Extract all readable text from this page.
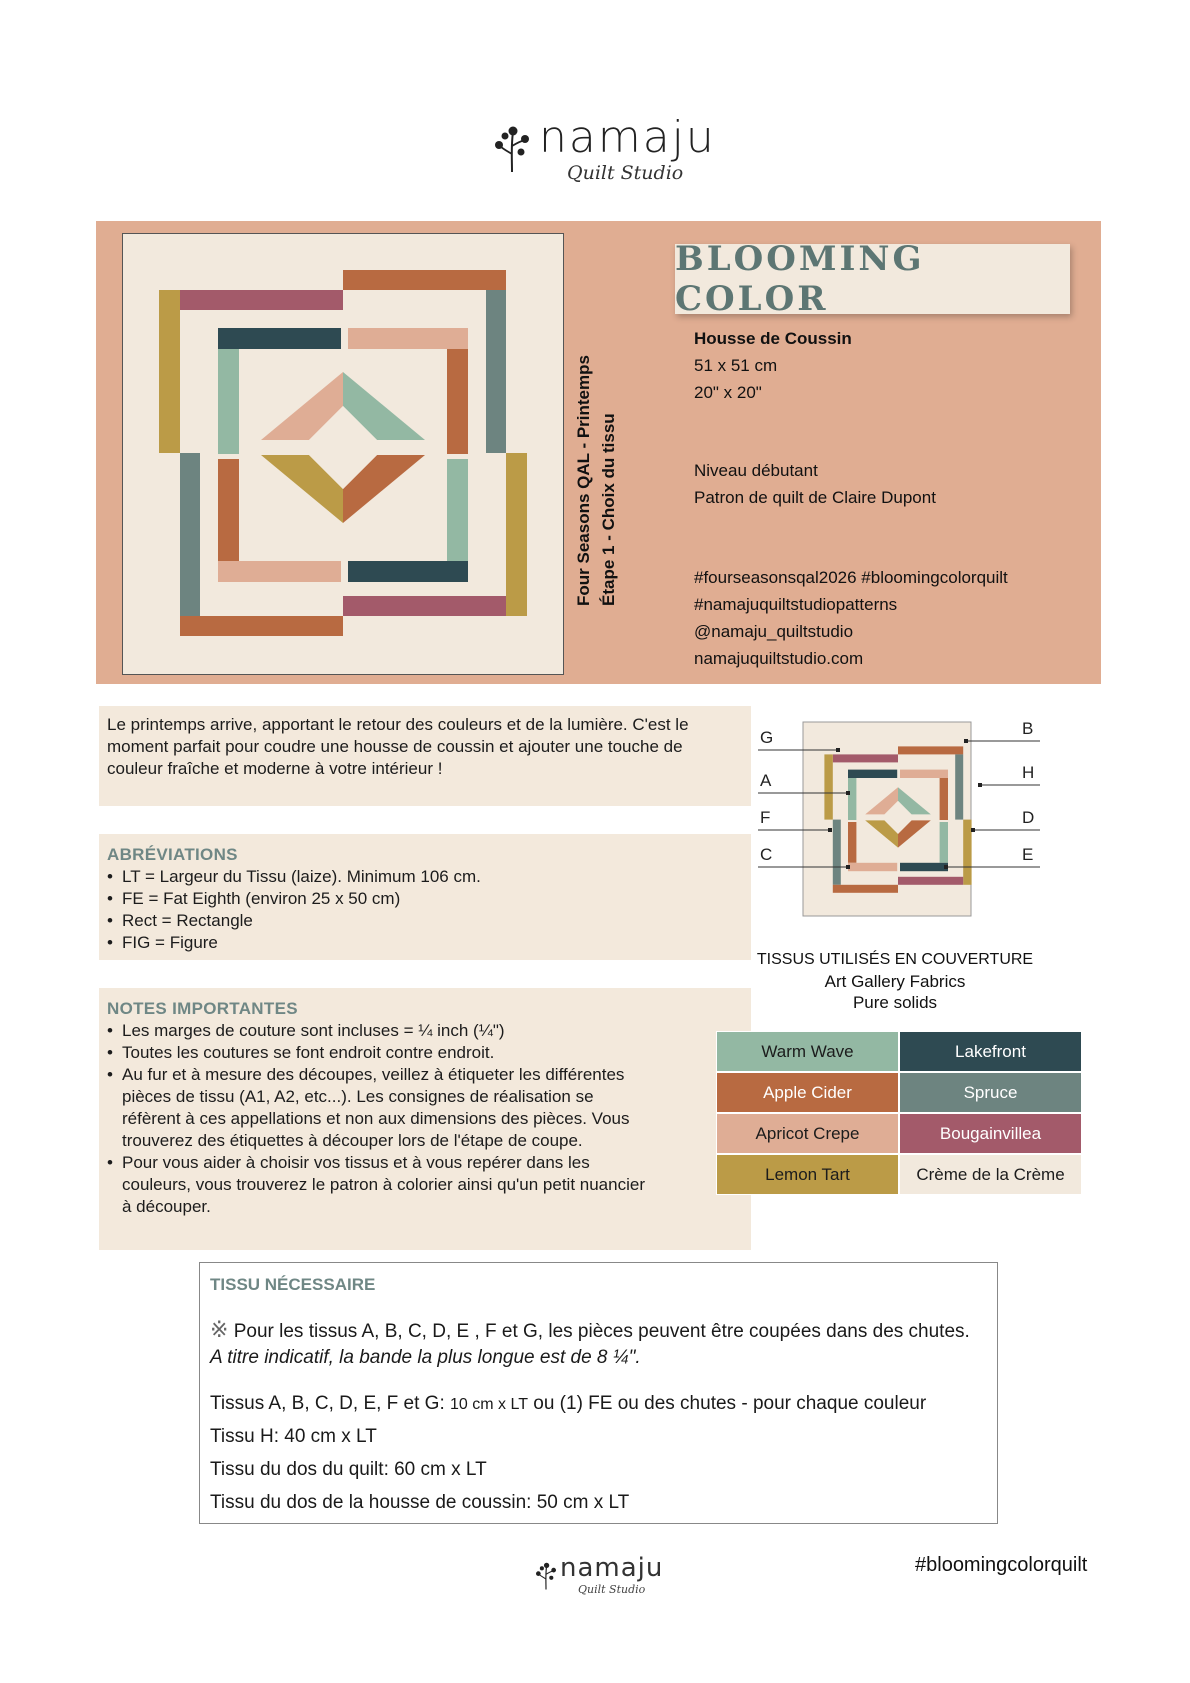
namaju
Quilt Studio
Four Seasons QAL - Printemps Étape 1 - Choix du tissu
BLOOMING COLOR
Housse de Coussin
51 x 51 cm
20" x 20"
Niveau débutant
Patron de quilt de Claire Dupont
#fourseasonsqal2026 #bloomingcolorquilt
#namajuquiltstudiopatterns
@namaju_quiltstudio
namajuquiltstudio.com
Le printemps arrive, apportant le retour des couleurs et de la lumière. C'est le moment parfait pour coudre une housse de coussin et ajouter une touche de couleur fraîche et moderne à votre intérieur !
ABRÉVIATIONS
• LT = Largeur du Tissu (laize). Minimum 106 cm.
• FE = Fat Eighth (environ 25 x 50 cm)
• Rect = Rectangle
• FIG = Figure
NOTES IMPORTANTES
• Les marges de couture sont incluses = ¼ inch (¼")
• Toutes les coutures se font endroit contre endroit.
• Au fur et à mesure des découpes, veillez à étiqueter les différentes pièces de tissu (A1, A2, etc...). Les consignes de réalisation se réfèrent à ces appellations et non aux dimensions des pièces. Vous trouverez des étiquettes à découper lors de l'étape de coupe.
• Pour vous aider à choisir vos tissus et à vous repérer dans les couleurs, vous trouverez le patron à colorier ainsi qu'un petit nuancier à découper.
G
A
F
C
B
H
D
E
TISSUS UTILISÉS EN COUVERTURE
Art Gallery Fabrics
Pure solids
Warm Wave	Lakefront
Apple Cider	Spruce
Apricot Crepe	Bougainvillea
Lemon Tart	Crème de la Crème
TISSU NÉCESSAIRE
※ Pour les tissus A, B, C, D, E , F et G, les pièces peuvent être coupées dans des chutes. A titre indicatif, la bande la plus longue est de 8 ¼".
Tissus A, B, C, D, E, F et G: 10 cm x LT ou (1) FE ou des chutes - pour chaque couleur
Tissu H: 40 cm x LT
Tissu du dos du quilt: 60 cm x LT
Tissu du dos de la housse de coussin: 50 cm x LT
namaju
Quilt Studio
#bloomingcolorquilt
